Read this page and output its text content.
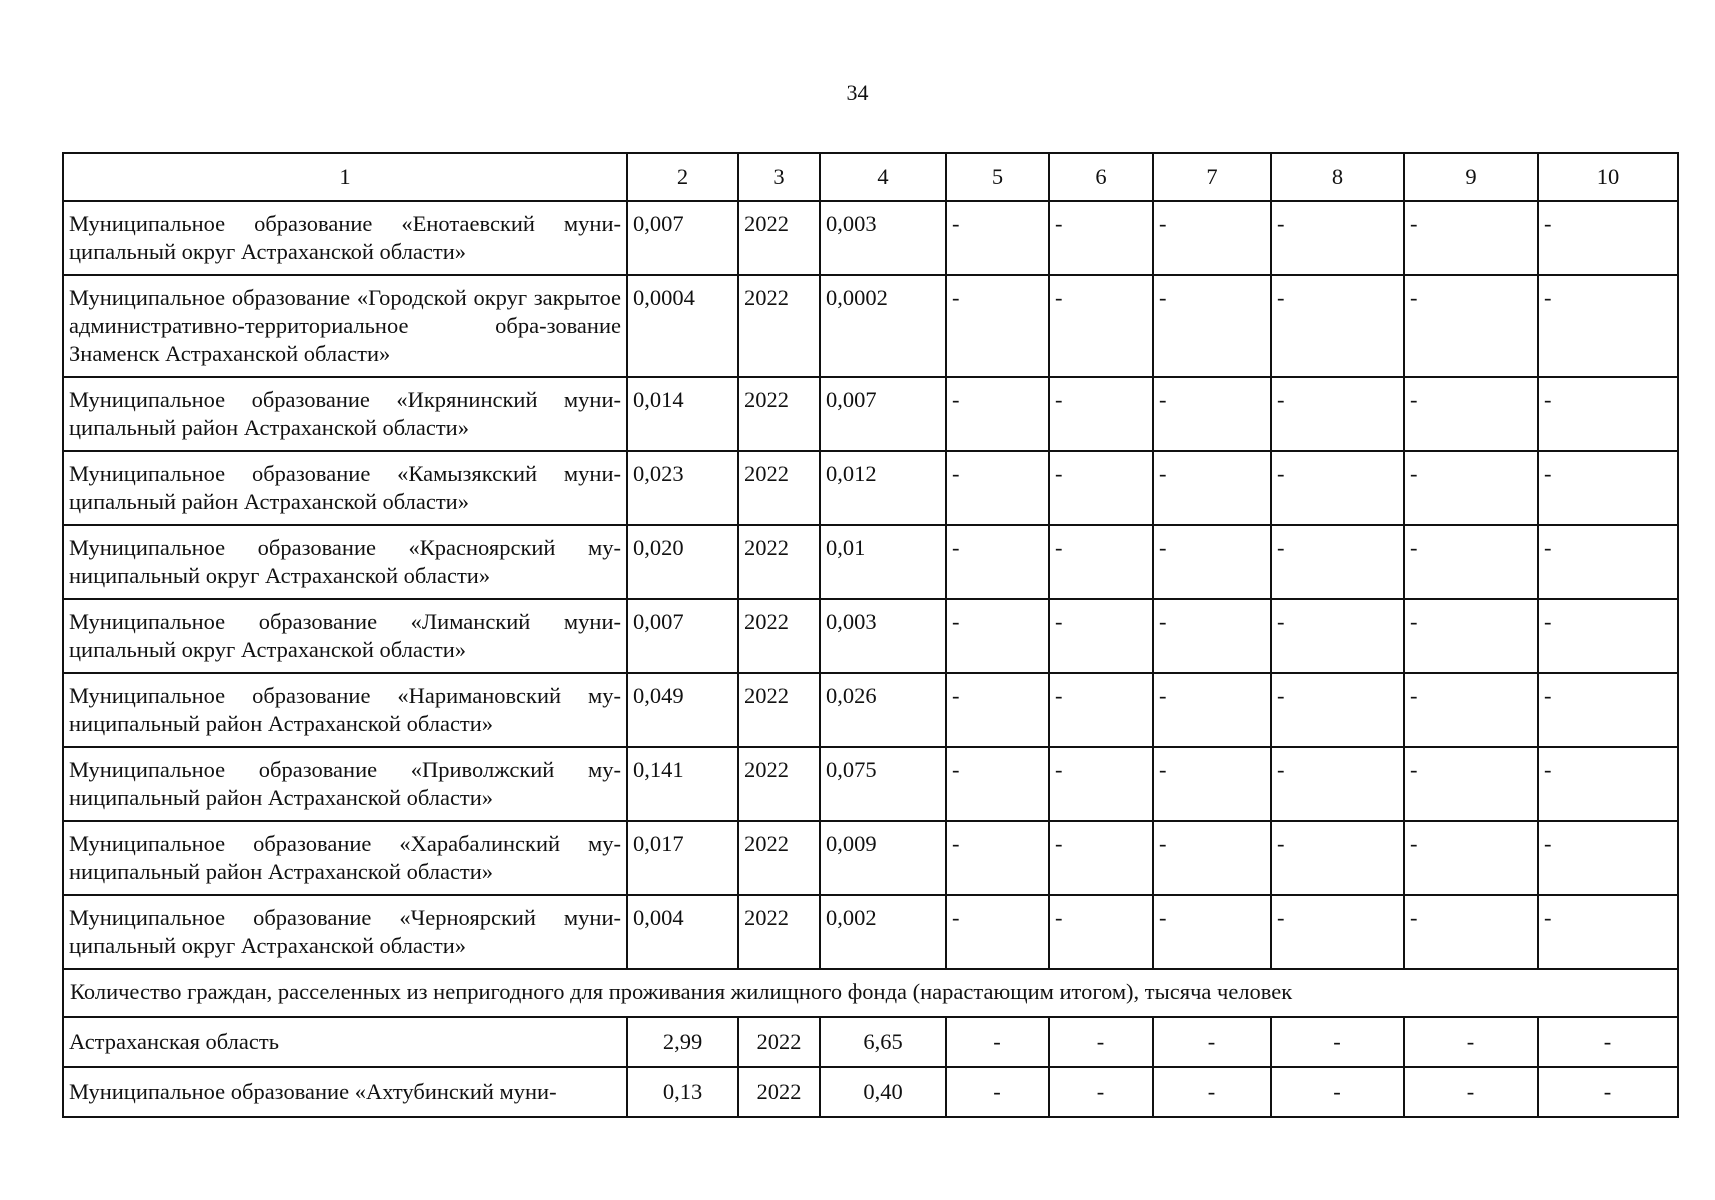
34
1	2	3	4	5	6	7	8	9	10
Муниципальное образование «Енотаевский муни-ципальный округ Астраханской области»	0,007	2022	0,003	-	-	-	-	-	-
Муниципальное образование «Городской округ закрытое административно-территориальное обра-зование Знаменск Астраханской области»	0,0004	2022	0,0002	-	-	-	-	-	-
Муниципальное образование «Икрянинский муни-ципальный район Астраханской области»	0,014	2022	0,007	-	-	-	-	-	-
Муниципальное образование «Камызякский муни-ципальный район Астраханской области»	0,023	2022	0,012	-	-	-	-	-	-
Муниципальное образование «Красноярский му-ниципальный округ Астраханской области»	0,020	2022	0,01	-	-	-	-	-	-
Муниципальное образование «Лиманский муни-ципальный округ Астраханской области»	0,007	2022	0,003	-	-	-	-	-	-
Муниципальное образование «Наримановский му-ниципальный район Астраханской области»	0,049	2022	0,026	-	-	-	-	-	-
Муниципальное образование «Приволжский му-ниципальный район Астраханской области»	0,141	2022	0,075	-	-	-	-	-	-
Муниципальное образование «Харабалинский му-ниципальный район Астраханской области»	0,017	2022	0,009	-	-	-	-	-	-
Муниципальное образование «Черноярский муни-ципальный округ Астраханской области»	0,004	2022	0,002	-	-	-	-	-	-
Количество граждан, расселенных из непригодного для проживания жилищного фонда (нарастающим итогом), тысяча человек									
Астраханская область	2,99	2022	6,65	-	-	-	-	-	-
Муниципальное образование «Ахтубинский муни-	0,13	2022	0,40	-	-	-	-	-	-
